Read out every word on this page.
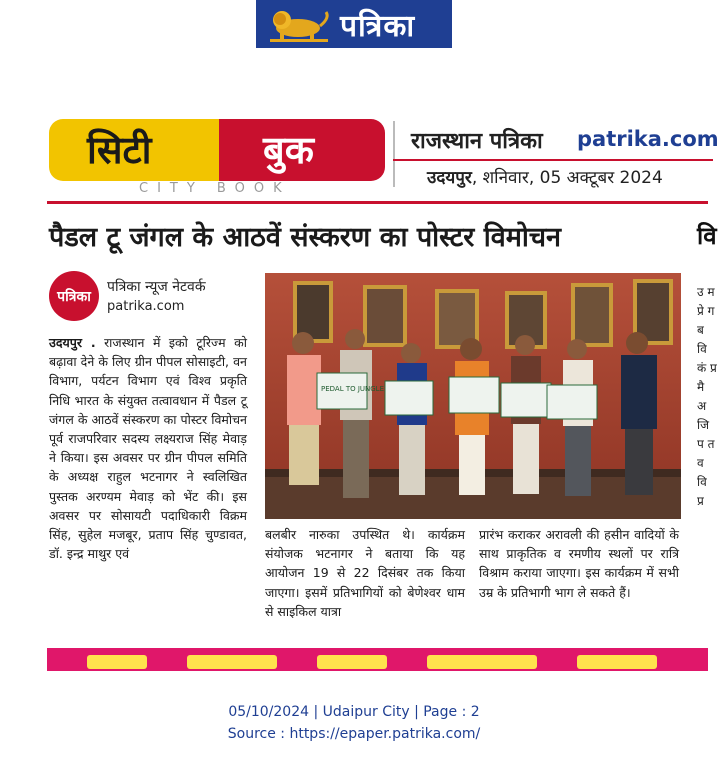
पत्रिका
सिटी	बुक
CITY BOOK
राजस्थान पत्रिका patrika.com
उदयपुर, शनिवार, 05 अक्टूबर 2024
पैडल टू जंगल के आठवें संस्करण का पोस्टर विमोचन	वि
पत्रिका
पत्रिका न्यूज नेटवर्क
patrika.com
उदयपुर . राजस्थान में इको टूरिज्म को बढ़ावा देने के लिए ग्रीन पीपल सोसाइटी, वन विभाग, पर्यटन विभाग एवं विश्व प्रकृति निधि भारत के संयुक्त तत्वावधान में पैडल टू जंगल के आठवें संस्करण का पोस्टर विमोचन पूर्व राजपरिवार सदस्य लक्ष्यराज सिंह मेवाड़ ने किया। इस अवसर पर ग्रीन पीपल समिति के अध्यक्ष राहुल भटनागर ने स्वलिखित पुस्तक अरण्यम मेवाड़ को भेंट की। इस अवसर पर सोसायटी पदाधिकारी विक्रम सिंह, सुहेल मजबूर, प्रताप सिंह चुण्डावत, डॉ. इन्द्र माथुर एवं
PEDAL TO JUNGLE
बलबीर नारुका उपस्थित थे। कार्यक्रम संयोजक भटनागर ने बताया कि यह आयोजन 19 से 22 दिसंबर तक किया जाएगा। इसमें प्रतिभागियों को बेणेश्वर धाम से साइकिल यात्रा
प्रारंभ कराकर अरावली की हसीन वादियों के साथ प्राकृतिक व रमणीय स्थलों पर रात्रि विश्राम कराया जाएगा। इस कार्यक्रम में सभी उम्र के प्रतिभागी भाग ले सकते हैं।
उ म प्रे ग ब वि कं प्र मै अ जि प त व वि प्र
05/10/2024 | Udaipur City | Page : 2
Source : https://epaper.patrika.com/
